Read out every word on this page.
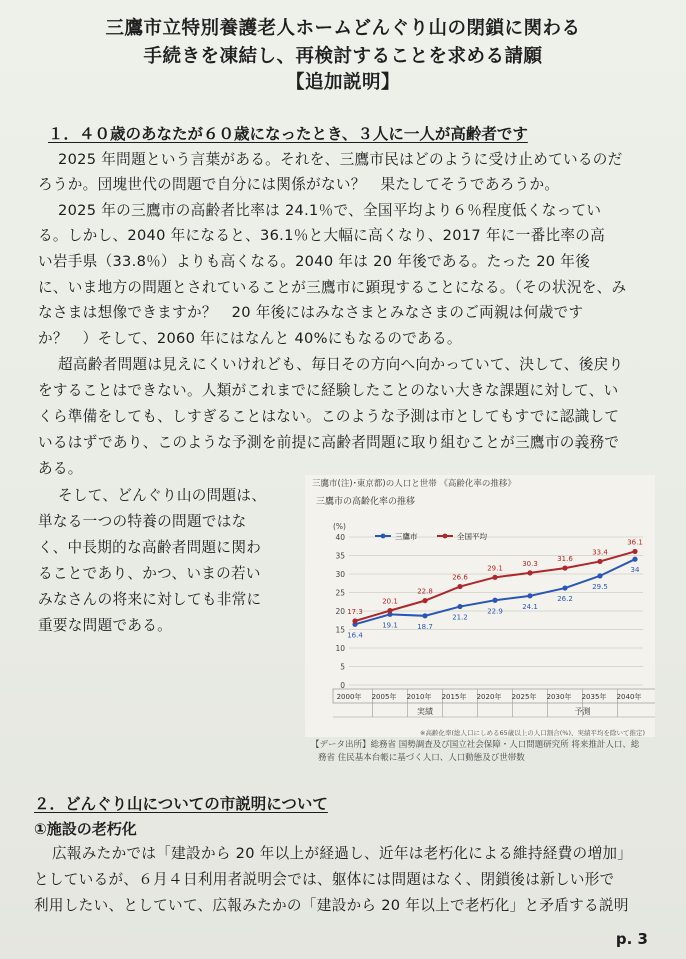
三鷹市立特別養護老人ホームどんぐり山の閉鎖に関わる
手続きを凍結し、再検討することを求める請願
【追加説明】
１．４０歳のあなたが６０歳になったとき、３人に一人が高齢者です
2025 年問題という言葉がある。それを、三鷹市民はどのように受け止めているのだ
ろうか。団塊世代の問題で自分には関係がない？　果たしてそうであろうか。
2025 年の三鷹市の高齢者比率は 24.1％で、全国平均より６％程度低くなってい
る。しかし、2040 年になると、36.1％と大幅に高くなり、2017 年に一番比率の高
い岩手県（33.8％）よりも高くなる。2040 年は 20 年後である。たった 20 年後
に、いま地方の問題とされていることが三鷹市に顕現することになる。（その状況を、み
なさまは想像できますか？　20 年後にはみなさまとみなさまのご両親は何歳です
か？　）そして、2060 年にはなんと 40%にもなるのである。
超高齢者問題は見えにくいけれども、毎日その方向へ向かっていて、決して、後戻り
をすることはできない。人類がこれまでに経験したことのない大きな課題に対して、い
くら準備をしても、しすぎることはない。このような予測は市としてもすでに認識して
いるはずであり、このような予測を前提に高齢者問題に取り組むことが三鷹市の義務で
ある。
そして、どんぐり山の問題は、
単なる一つの特養の問題ではな
く、中長期的な高齢者問題に関わ
ることであり、かつ、いまの若い
みなさんの将来に対しても非常に
重要な問題である。
三鷹市(注)･東京都)の人口と世帯 《高齢化率の推移》
三鷹市の高齢化率の推移
0
5
10
15
20
25
30
35
40
(%)
2000年 2005年 2010年 2015年 2020年 2025年 2030年 2035年 2040年
実績	予測
16.4
19.1	18.7
21.2
22.9
24.1
26.2
29.5
34
17.3
20.1
22.8
26.6
29.1
30.3
31.6
33.4
36.1
三鷹市	全国平均
※高齢化率(総人口にしめる65歳以上の人口割合(%)、実績平均を除いて推定)
【データ出所】総務省 国勢調査及び国立社会保障・人口問題研究所 将来推計人口、総
務省 住民基本台帳に基づく人口、人口動態及び世帯数
２．どんぐり山についての市説明について
①施設の老朽化
広報みたかでは「建設から 20 年以上が経過し、近年は老朽化による維持経費の増加」
としているが、６月４日利用者説明会では、躯体には問題はなく、閉鎖後は新しい形で
利用したい、としていて、広報みたかの「建設から 20 年以上で老朽化」と矛盾する説明
p. 3
